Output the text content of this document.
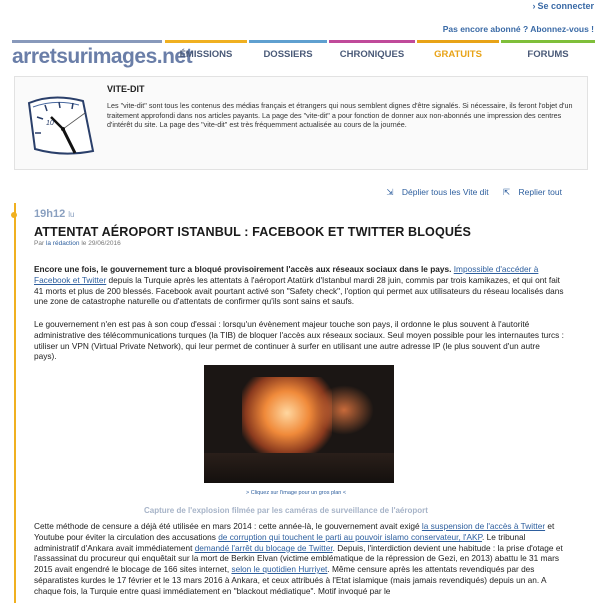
› Se connecter
Pas encore abonné ? Abonnez-vous !
arretsurimages.net
ÉMISSIONS	DOSSIERS	CHRONIQUES	GRATUITS	FORUMS
10
VITE-DIT
Les "vite-dit" sont tous les contenus des médias français et étrangers qui nous semblent dignes d'être signalés. Si nécessaire, ils feront l'objet d'un traitement approfondi dans nos articles payants. La page des "vite-dit" a pour fonction de donner aux non-abonnés une impression des centres d'intérêt du site. La page des "vite-dit" est très fréquemment actualisée au cours de la journée.
⇲ Déplier tous les Vite dit ⇱ Replier tout
19h12 lu
ATTENTAT AÉROPORT ISTANBUL : FACEBOOK ET TWITTER BLOQUÉS
Par la rédaction le 29/06/2016
Encore une fois, le gouvernement turc a bloqué provisoirement l'accès aux réseaux sociaux dans le pays. Impossible d'accéder à Facebook et Twitter depuis la Turquie après les attentats à l'aéroport Atatürk d'Istanbul mardi 28 juin, commis par trois kamikazes, et qui ont fait 41 morts et plus de 200 blessés. Facebook avait pourtant activé son "Safety check", l'option qui permet aux utilisateurs du réseau localisés dans une zone de catastrophe naturelle ou d'attentats de confirmer qu'ils sont sains et saufs.
Le gouvernement n'en est pas à son coup d'essai : lorsqu'un évènement majeur touche son pays, il ordonne le plus souvent à l'autorité administrative des télécommunications turques (la TIB) de bloquer l'accès aux réseaux sociaux. Seul moyen possible pour les internautes turcs : utiliser un VPN (Virtual Private Network), qui leur permet de continuer à surfer en utilisant une autre adresse IP (le plus souvent d'un autre pays).
> Cliquez sur l'image pour un gros plan <
Capture de l'explosion filmée par les caméras de surveillance de l'aéroport
Cette méthode de censure a déjà été utilisée en mars 2014 : cette année-là, le gouvernement avait exigé la suspension de l'accès à Twitter et Youtube pour éviter la circulation des accusations de corruption qui touchent le parti au pouvoir islamo conservateur, l'AKP. Le tribunal administratif d'Ankara avait immédiatement demandé l'arrêt du blocage de Twitter. Depuis, l'interdiction devient une habitude : la prise d'otage et l'assassinat du procureur qui enquêtait sur la mort de Berkin Elvan (victime emblématique de la répression de Gezi, en 2013) abattu le 31 mars 2015 avait engendré le blocage de 166 sites internet, selon le quotidien Hurriyet. Même censure après les attentats revendiqués par des séparatistes kurdes le 17 février et le 13 mars 2016 à Ankara, et ceux attribués à l'Etat islamique (mais jamais revendiqués) depuis un an. A chaque fois, la Turquie entre quasi immédiatement en "blackout médiatique". Motif invoqué par le
